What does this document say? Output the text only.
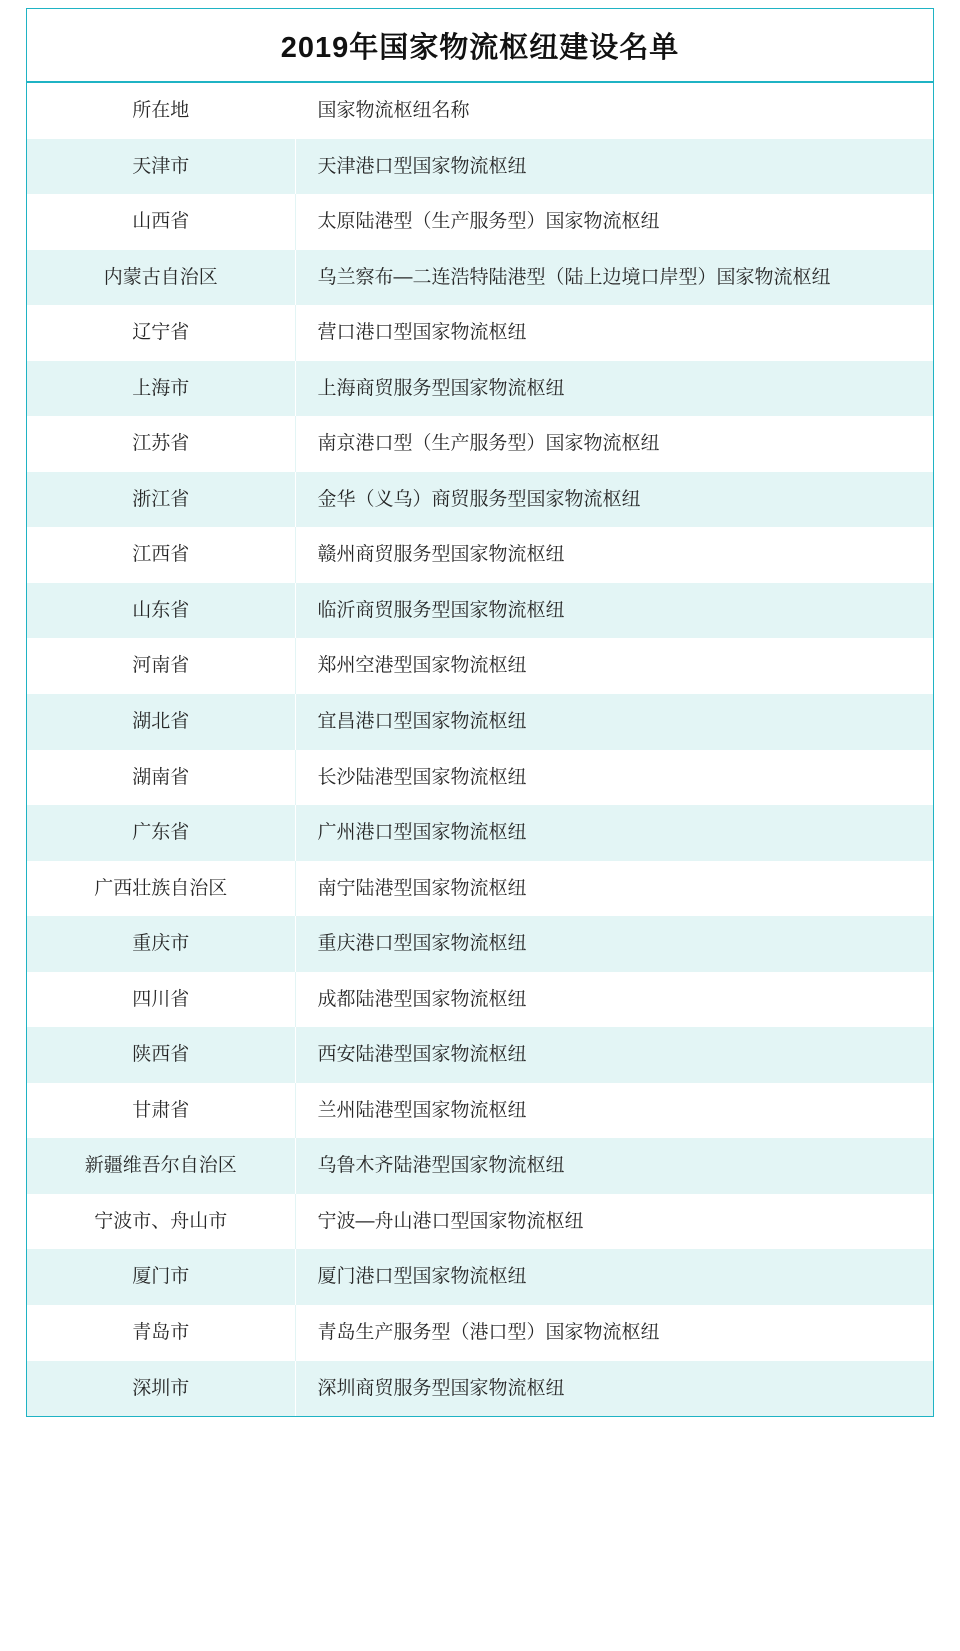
2019年国家物流枢纽建设名单
所在地	国家物流枢纽名称
天津市	天津港口型国家物流枢纽
山西省	太原陆港型（生产服务型）国家物流枢纽
内蒙古自治区	乌兰察布—二连浩特陆港型（陆上边境口岸型）国家物流枢纽
辽宁省	营口港口型国家物流枢纽
上海市	上海商贸服务型国家物流枢纽
江苏省	南京港口型（生产服务型）国家物流枢纽
浙江省	金华（义乌）商贸服务型国家物流枢纽
江西省	赣州商贸服务型国家物流枢纽
山东省	临沂商贸服务型国家物流枢纽
河南省	郑州空港型国家物流枢纽
湖北省	宜昌港口型国家物流枢纽
湖南省	长沙陆港型国家物流枢纽
广东省	广州港口型国家物流枢纽
广西壮族自治区	南宁陆港型国家物流枢纽
重庆市	重庆港口型国家物流枢纽
四川省	成都陆港型国家物流枢纽
陕西省	西安陆港型国家物流枢纽
甘肃省	兰州陆港型国家物流枢纽
新疆维吾尔自治区	乌鲁木齐陆港型国家物流枢纽
宁波市、舟山市	宁波—舟山港口型国家物流枢纽
厦门市	厦门港口型国家物流枢纽
青岛市	青岛生产服务型（港口型）国家物流枢纽
深圳市	深圳商贸服务型国家物流枢纽
